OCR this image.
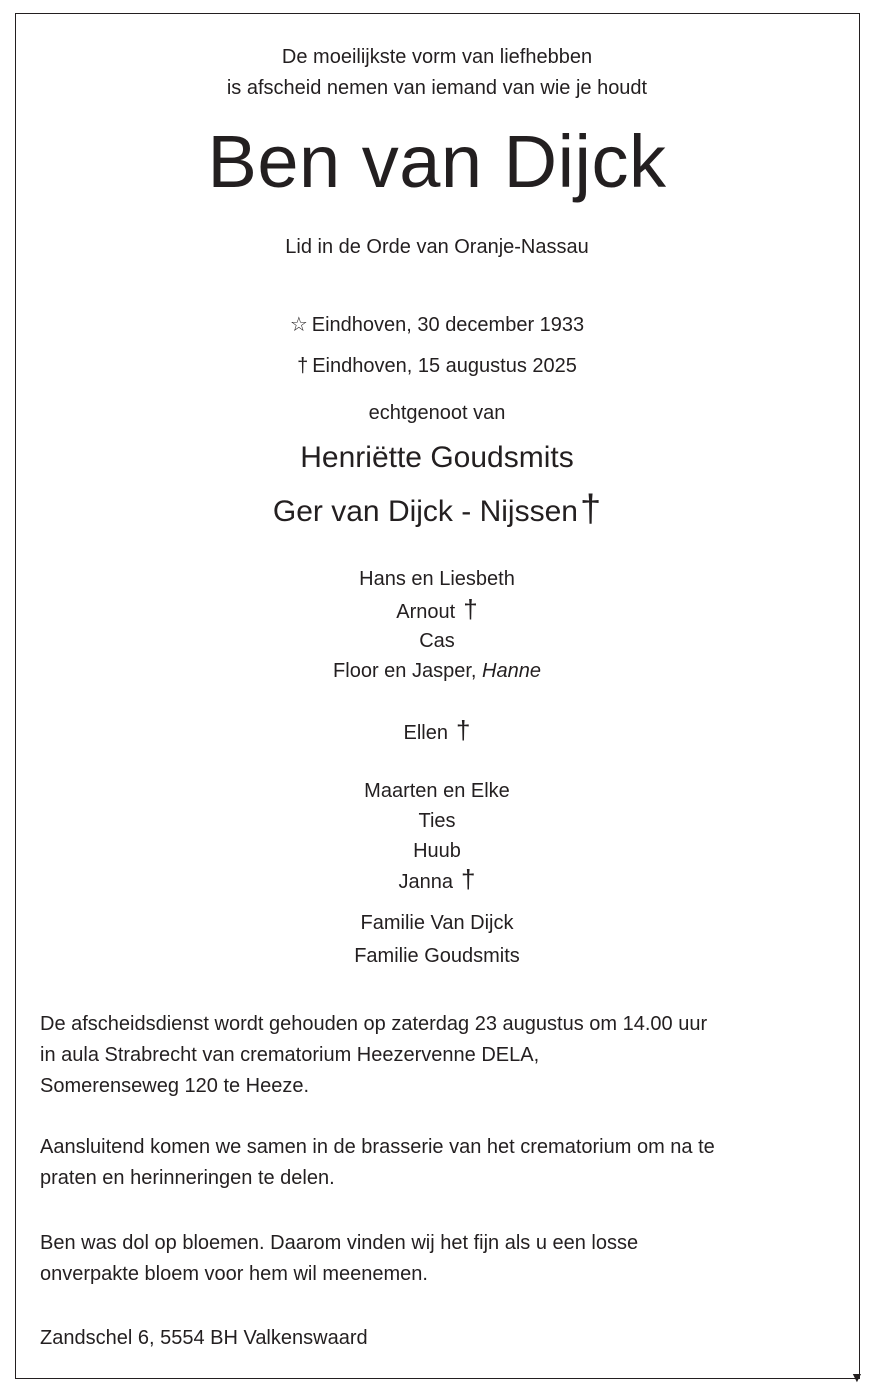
▼
De moeilijkste vorm van liefhebben
is afscheid nemen van iemand van wie je houdt
Ben van Dijck
Lid in de Orde van Oranje-Nassau
☆ Eindhoven, 30 december 1933
† Eindhoven, 15 augustus 2025
echtgenoot van
Henriëtte Goudsmits
Ger van Dijck - Nijssen†
Hans en Liesbeth
Arnout †
Cas
Floor en Jasper, Hanne
Ellen †
Maarten en Elke
Ties
Huub
Janna †
Familie Van Dijck
Familie Goudsmits
De afscheidsdienst wordt gehouden op zaterdag 23 augustus om 14.00 uur
in aula Strabrecht van crematorium Heezervenne DELA,
Somerenseweg 120 te Heeze.
Aansluitend komen we samen in de brasserie van het crematorium om na te
praten en herinneringen te delen.
Ben was dol op bloemen. Daarom vinden wij het fijn als u een losse
onverpakte bloem voor hem wil meenemen.
Zandschel 6, 5554 BH Valkenswaard
